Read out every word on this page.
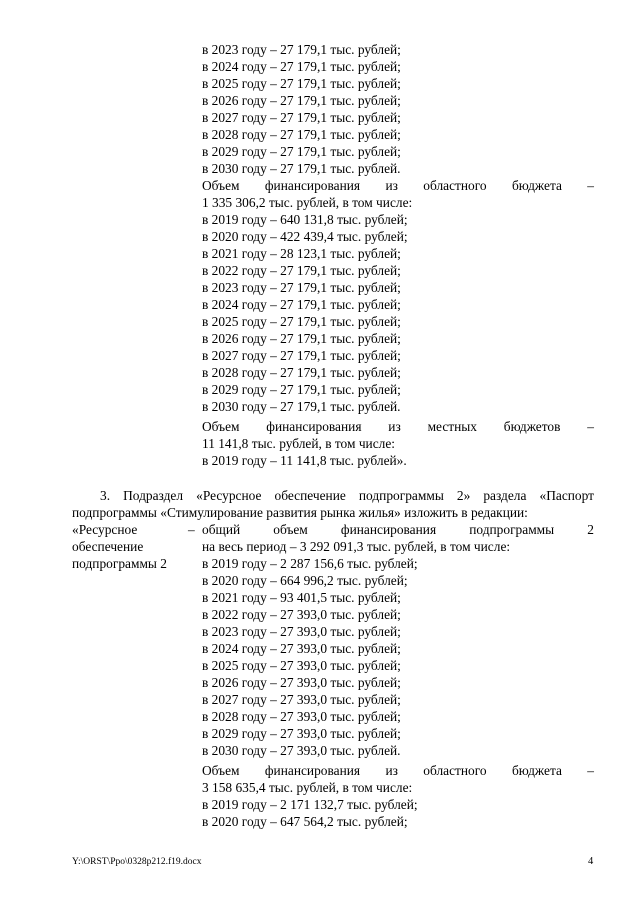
в 2023 году – 27 179,1 тыс. рублей;
в 2024 году – 27 179,1 тыс. рублей;
в 2025 году – 27 179,1 тыс. рублей;
в 2026 году – 27 179,1 тыс. рублей;
в 2027 году – 27 179,1 тыс. рублей;
в 2028 году – 27 179,1 тыс. рублей;
в 2029 году – 27 179,1 тыс. рублей;
в 2030 году – 27 179,1 тыс. рублей.
Объем финансирования из областного бюджета –
1 335 306,2 тыс. рублей, в том числе:
в 2019 году – 640 131,8 тыс. рублей;
в 2020 году – 422 439,4 тыс. рублей;
в 2021 году – 28 123,1 тыс. рублей;
в 2022 году – 27 179,1 тыс. рублей;
в 2023 году – 27 179,1 тыс. рублей;
в 2024 году – 27 179,1 тыс. рублей;
в 2025 году – 27 179,1 тыс. рублей;
в 2026 году – 27 179,1 тыс. рублей;
в 2027 году – 27 179,1 тыс. рублей;
в 2028 году – 27 179,1 тыс. рублей;
в 2029 году – 27 179,1 тыс. рублей;
в 2030 году – 27 179,1 тыс. рублей.
Объем финансирования из местных бюджетов –
11 141,8 тыс. рублей, в том числе:
в 2019 году – 11 141,8 тыс. рублей».
3. Подраздел «Ресурсное обеспечение подпрограммы 2» раздела «Паспорт
подпрограммы «Стимулирование развития рынка жилья» изложить в редакции:
«Ресурсное
обеспечение
подпрограммы 2
– общий объем финансирования подпрограммы 2
на весь период – 3 292 091,3 тыс. рублей, в том числе:
в 2019 году – 2 287 156,6 тыс. рублей;
в 2020 году – 664 996,2 тыс. рублей;
в 2021 году – 93 401,5 тыс. рублей;
в 2022 году – 27 393,0 тыс. рублей;
в 2023 году – 27 393,0 тыс. рублей;
в 2024 году – 27 393,0 тыс. рублей;
в 2025 году – 27 393,0 тыс. рублей;
в 2026 году – 27 393,0 тыс. рублей;
в 2027 году – 27 393,0 тыс. рублей;
в 2028 году – 27 393,0 тыс. рублей;
в 2029 году – 27 393,0 тыс. рублей;
в 2030 году – 27 393,0 тыс. рублей.
Объем финансирования из областного бюджета –
3 158 635,4 тыс. рублей, в том числе:
в 2019 году – 2 171 132,7 тыс. рублей;
в 2020 году – 647 564,2 тыс. рублей;
Y:\ORST\Ppo\0328p212.f19.docx	4
